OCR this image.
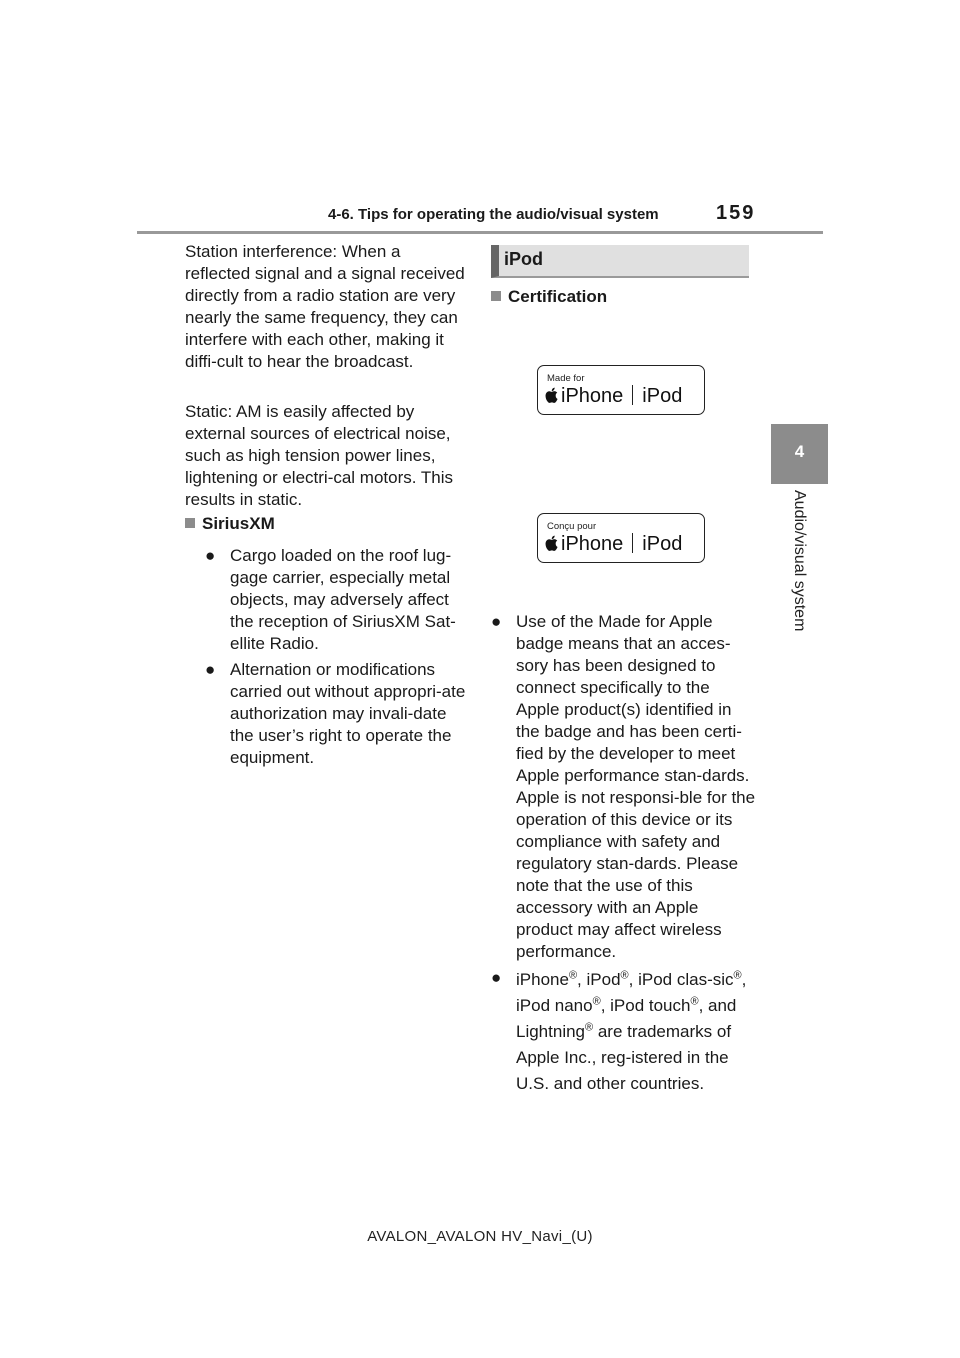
4-6. Tips for operating the audio/visual system	159
4
Audio/visual system
Station interference: When a reflected signal and a signal received directly from a radio station are very nearly the same frequency, they can interfere with each other, making it diffi-cult to hear the broadcast.
Static: AM is easily affected by external sources of electrical noise, such as high tension power lines, lightening or electri-cal motors. This results in static.
SiriusXM
● Cargo loaded on the roof lug-gage carrier, especially metal objects, may adversely affect the reception of SiriusXM Sat-ellite Radio.
● Alternation or modifications carried out without appropri-ate authorization may invali-date the user’s right to operate the equipment.
iPod
Certification
Made for
iPhone iPod
Conçu pour
iPhone iPod
● Use of the Made for Apple badge means that an acces-sory has been designed to connect specifically to the Apple product(s) identified in the badge and has been certi-fied by the developer to meet Apple performance stan-dards. Apple is not responsi-ble for the operation of this device or its compliance with safety and regulatory stan-dards. Please note that the use of this accessory with an Apple product may affect wireless performance.
● iPhone®, iPod®, iPod clas-sic®, iPod nano®, iPod touch®, and Lightning® are trademarks of Apple Inc., reg-istered in the U.S. and other countries.
AVALON_AVALON HV_Navi_(U)
